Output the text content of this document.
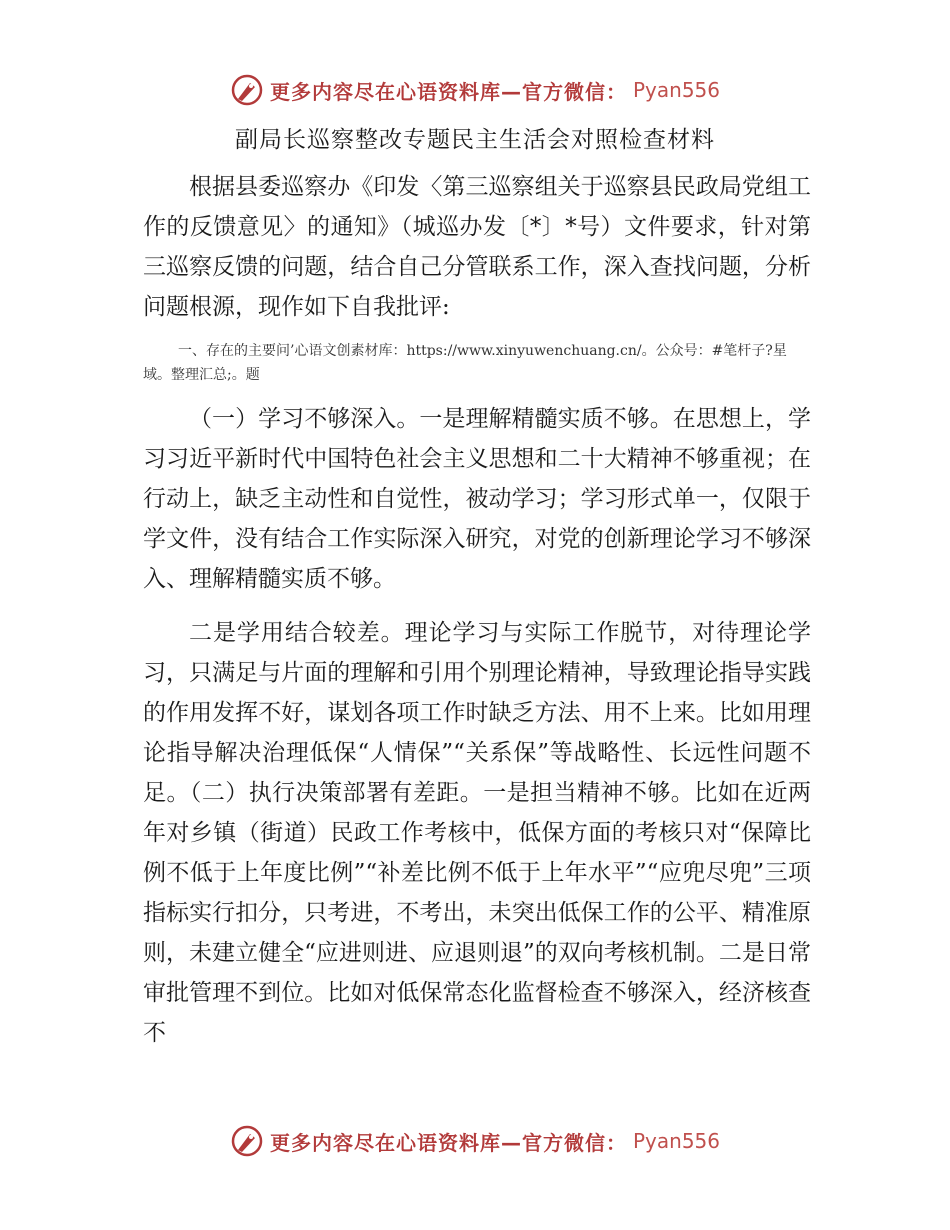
更多内容尽在心语资料库—官方微信： Pyan556
副局长巡察整改专题民主生活会对照检查材料

根据县委巡察办《印发〈第三巡察组关于巡察县民政局党组工作的反馈意见〉的通知》（城巡办发〔*〕*号）文件要求，针对第三巡察反馈的问题，结合自己分管联系工作，深入查找问题，分析问题根源，现作如下自我批评:

一、存在的主要问’心语文创素材库：https://www.xinyuwenchuang.cn/。公众号：#笔杆子?星域。整理汇总;。题

（一）学习不够深入。一是理解精髓实质不够。在思想上，学习习近平新时代中国特色社会主义思想和二十大精神不够重视；在行动上，缺乏主动性和自觉性，被动学习；学习形式单一，仅限于学文件，没有结合工作实际深入研究，对党的创新理论学习不够深入、理解精髓实质不够。

二是学用结合较差。理论学习与实际工作脱节，对待理论学习，只满足与片面的理解和引用个别理论精神，导致理论指导实践的作用发挥不好，谋划各项工作时缺乏方法、用不上来。比如用理论指导解决治理低保“人情保”“关系保”等战略性、长远性问题不足。（二）执行决策部署有差距。一是担当精神不够。比如在近两年对乡镇（街道）民政工作考核中，低保方面的考核只对“保障比例不低于上年度比例”“补差比例不低于上年水平”“应兜尽兜”三项指标实行扣分，只考进，不考出，未突出低保工作的公平、精准原则，未建立健全“应进则进、应退则退”的双向考核机制。二是日常审批管理不到位。比如对低保常态化监督检查不够深入，经济核查不

更多内容尽在心语资料库—官方微信： Pyan556
